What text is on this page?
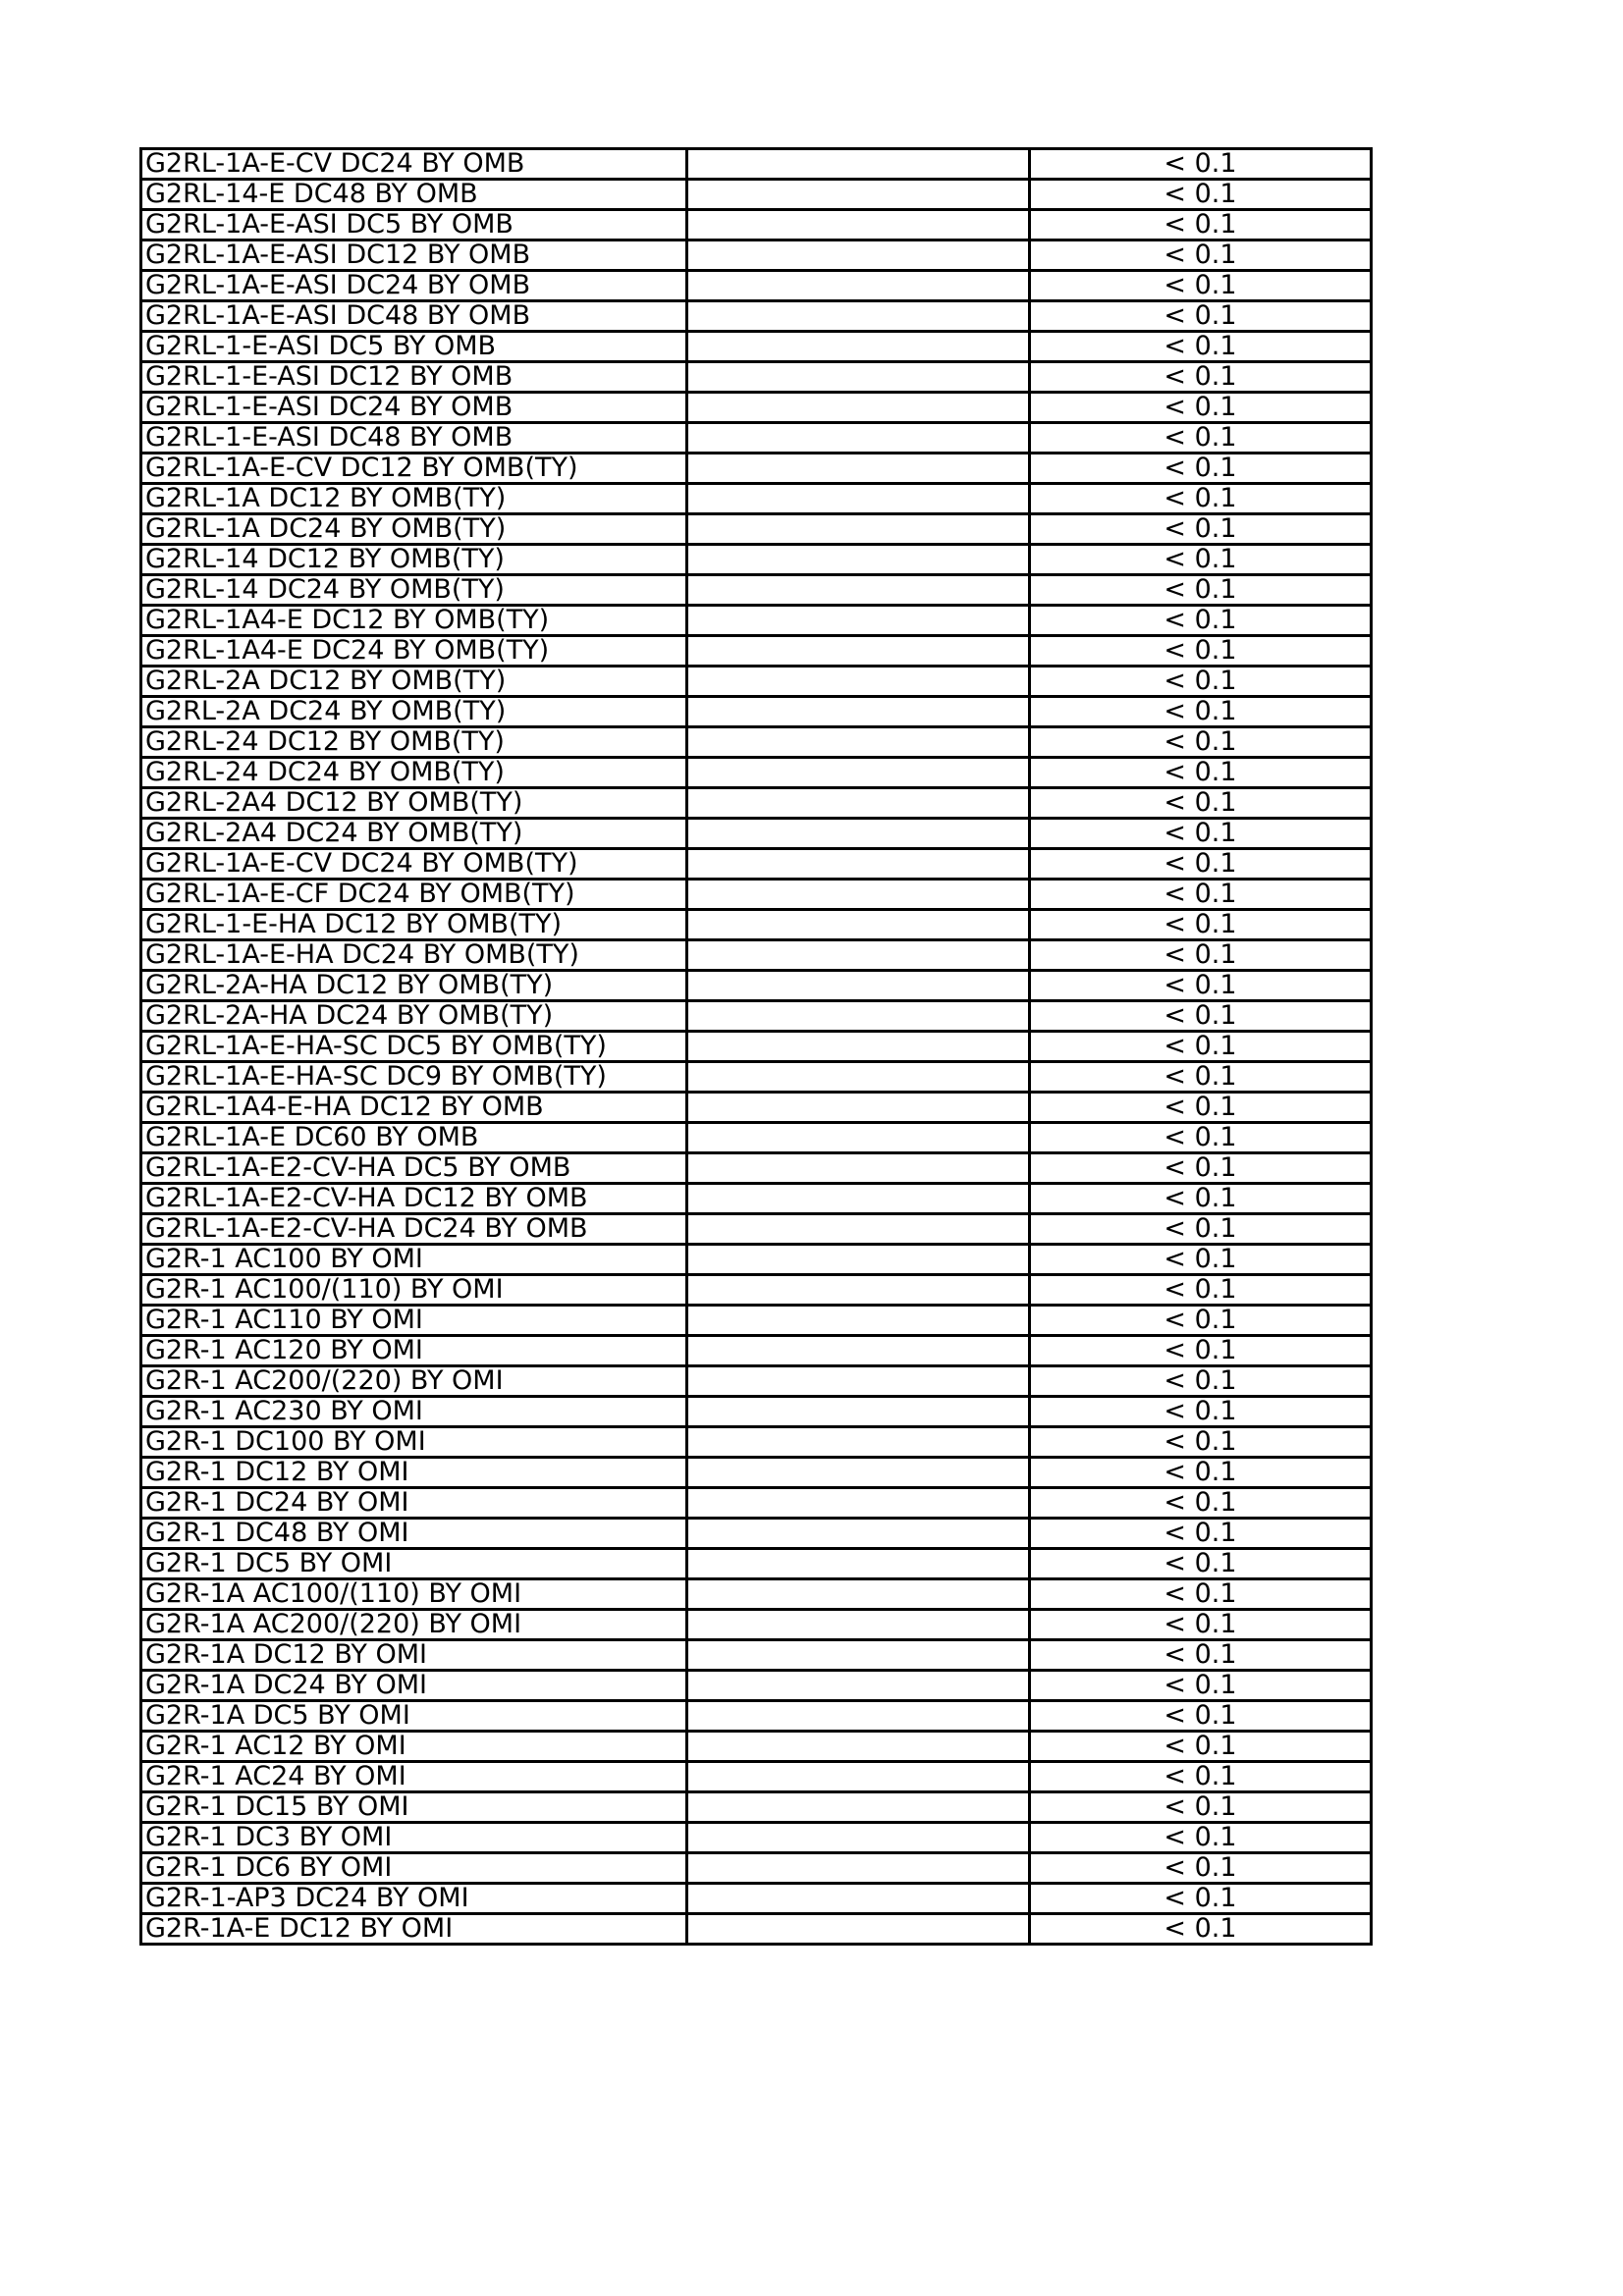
G2RL-1A-E-CV DC24 BY OMB		< 0.1
G2RL-14-E DC48 BY OMB		< 0.1
G2RL-1A-E-ASI DC5 BY OMB		< 0.1
G2RL-1A-E-ASI DC12 BY OMB		< 0.1
G2RL-1A-E-ASI DC24 BY OMB		< 0.1
G2RL-1A-E-ASI DC48 BY OMB		< 0.1
G2RL-1-E-ASI DC5 BY OMB		< 0.1
G2RL-1-E-ASI DC12 BY OMB		< 0.1
G2RL-1-E-ASI DC24 BY OMB		< 0.1
G2RL-1-E-ASI DC48 BY OMB		< 0.1
G2RL-1A-E-CV DC12 BY OMB(TY)		< 0.1
G2RL-1A DC12 BY OMB(TY)		< 0.1
G2RL-1A DC24 BY OMB(TY)		< 0.1
G2RL-14 DC12 BY OMB(TY)		< 0.1
G2RL-14 DC24 BY OMB(TY)		< 0.1
G2RL-1A4-E DC12 BY OMB(TY)		< 0.1
G2RL-1A4-E DC24 BY OMB(TY)		< 0.1
G2RL-2A DC12 BY OMB(TY)		< 0.1
G2RL-2A DC24 BY OMB(TY)		< 0.1
G2RL-24 DC12 BY OMB(TY)		< 0.1
G2RL-24 DC24 BY OMB(TY)		< 0.1
G2RL-2A4 DC12 BY OMB(TY)		< 0.1
G2RL-2A4 DC24 BY OMB(TY)		< 0.1
G2RL-1A-E-CV DC24 BY OMB(TY)		< 0.1
G2RL-1A-E-CF DC24 BY OMB(TY)		< 0.1
G2RL-1-E-HA DC12 BY OMB(TY)		< 0.1
G2RL-1A-E-HA DC24 BY OMB(TY)		< 0.1
G2RL-2A-HA DC12 BY OMB(TY)		< 0.1
G2RL-2A-HA DC24 BY OMB(TY)		< 0.1
G2RL-1A-E-HA-SC DC5 BY OMB(TY)		< 0.1
G2RL-1A-E-HA-SC DC9 BY OMB(TY)		< 0.1
G2RL-1A4-E-HA DC12 BY OMB		< 0.1
G2RL-1A-E DC60 BY OMB		< 0.1
G2RL-1A-E2-CV-HA DC5 BY OMB		< 0.1
G2RL-1A-E2-CV-HA DC12 BY OMB		< 0.1
G2RL-1A-E2-CV-HA DC24 BY OMB		< 0.1
G2R-1 AC100 BY OMI		< 0.1
G2R-1 AC100/(110) BY OMI		< 0.1
G2R-1 AC110 BY OMI		< 0.1
G2R-1 AC120 BY OMI		< 0.1
G2R-1 AC200/(220) BY OMI		< 0.1
G2R-1 AC230 BY OMI		< 0.1
G2R-1 DC100 BY OMI		< 0.1
G2R-1 DC12 BY OMI		< 0.1
G2R-1 DC24 BY OMI		< 0.1
G2R-1 DC48 BY OMI		< 0.1
G2R-1 DC5 BY OMI		< 0.1
G2R-1A AC100/(110) BY OMI		< 0.1
G2R-1A AC200/(220) BY OMI		< 0.1
G2R-1A DC12 BY OMI		< 0.1
G2R-1A DC24 BY OMI		< 0.1
G2R-1A DC5 BY OMI		< 0.1
G2R-1 AC12 BY OMI		< 0.1
G2R-1 AC24 BY OMI		< 0.1
G2R-1 DC15 BY OMI		< 0.1
G2R-1 DC3 BY OMI		< 0.1
G2R-1 DC6 BY OMI		< 0.1
G2R-1-AP3 DC24 BY OMI		< 0.1
G2R-1A-E DC12 BY OMI		< 0.1
